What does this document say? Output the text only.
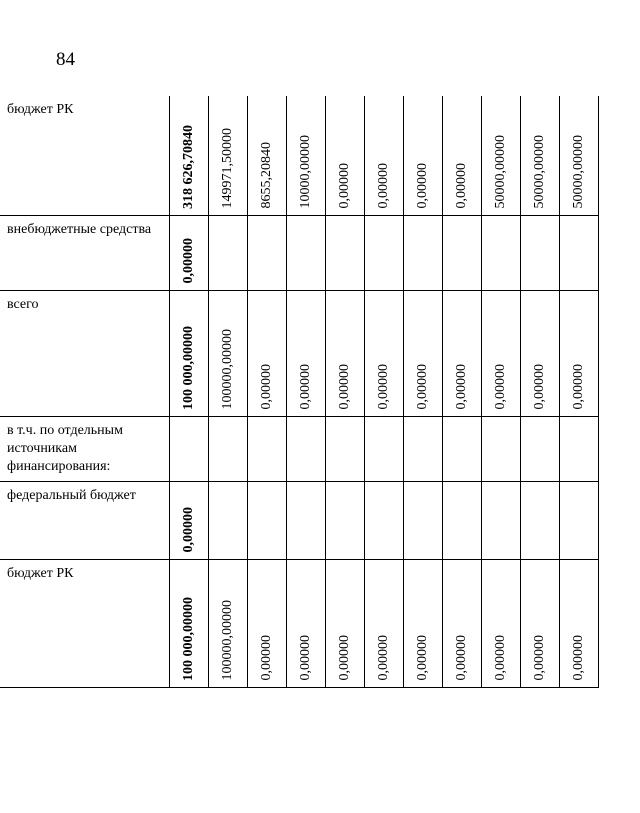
84
бюджет РК	318 626,70840	149971,50000	8655,20840	10000,00000	0,00000	0,00000	0,00000	0,00000	50000,00000	50000,00000	50000,00000

внебюджетные средства	0,00000										

всего	100 000,00000	100000,00000	0,00000	0,00000	0,00000	0,00000	0,00000	0,00000	0,00000	0,00000	0,00000

в т.ч. по отдельным источникам финансирования:	

федеральный бюджет	0,00000										

бюджет РК	100 000,00000	100000,00000	0,00000	0,00000	0,00000	0,00000	0,00000	0,00000	0,00000	0,00000	0,00000
